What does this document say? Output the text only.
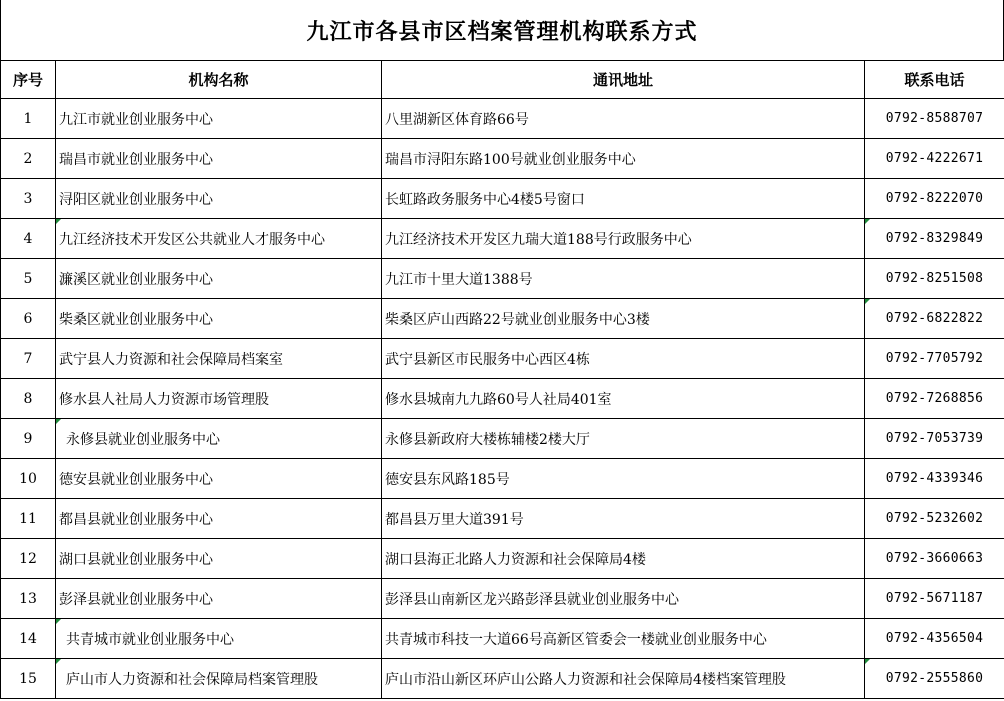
九江市各县市区档案管理机构联系方式
序号	机构名称	通讯地址	联系电话
1	九江市就业创业服务中心	八里湖新区体育路66号	0792-8588707
2	瑞昌市就业创业服务中心	瑞昌市浔阳东路100号就业创业服务中心	0792-4222671
3	浔阳区就业创业服务中心	长虹路政务服务中心4楼5号窗口	0792-8222070
4	九江经济技术开发区公共就业人才服务中心	九江经济技术开发区九瑞大道188号行政服务中心	0792-8329849
5	濂溪区就业创业服务中心	九江市十里大道1388号	0792-8251508
6	柴桑区就业创业服务中心	柴桑区庐山西路22号就业创业服务中心3楼	0792-6822822
7	武宁县人力资源和社会保障局档案室	武宁县新区市民服务中心西区4栋	0792-7705792
8	修水县人社局人力资源市场管理股	修水县城南九九路60号人社局401室	0792-7268856
9	永修县就业创业服务中心	永修县新政府大楼栋辅楼2楼大厅	0792-7053739
10	德安县就业创业服务中心	德安县东风路185号	0792-4339346
11	都昌县就业创业服务中心	都昌县万里大道391号	0792-5232602
12	湖口县就业创业服务中心	湖口县海正北路人力资源和社会保障局4楼	0792-3660663
13	彭泽县就业创业服务中心	彭泽县山南新区龙兴路彭泽县就业创业服务中心	0792-5671187
14	共青城市就业创业服务中心	共青城市科技一大道66号高新区管委会一楼就业创业服务中心	0792-4356504
15	庐山市人力资源和社会保障局档案管理股	庐山市沿山新区环庐山公路人力资源和社会保障局4楼档案管理股	0792-2555860
